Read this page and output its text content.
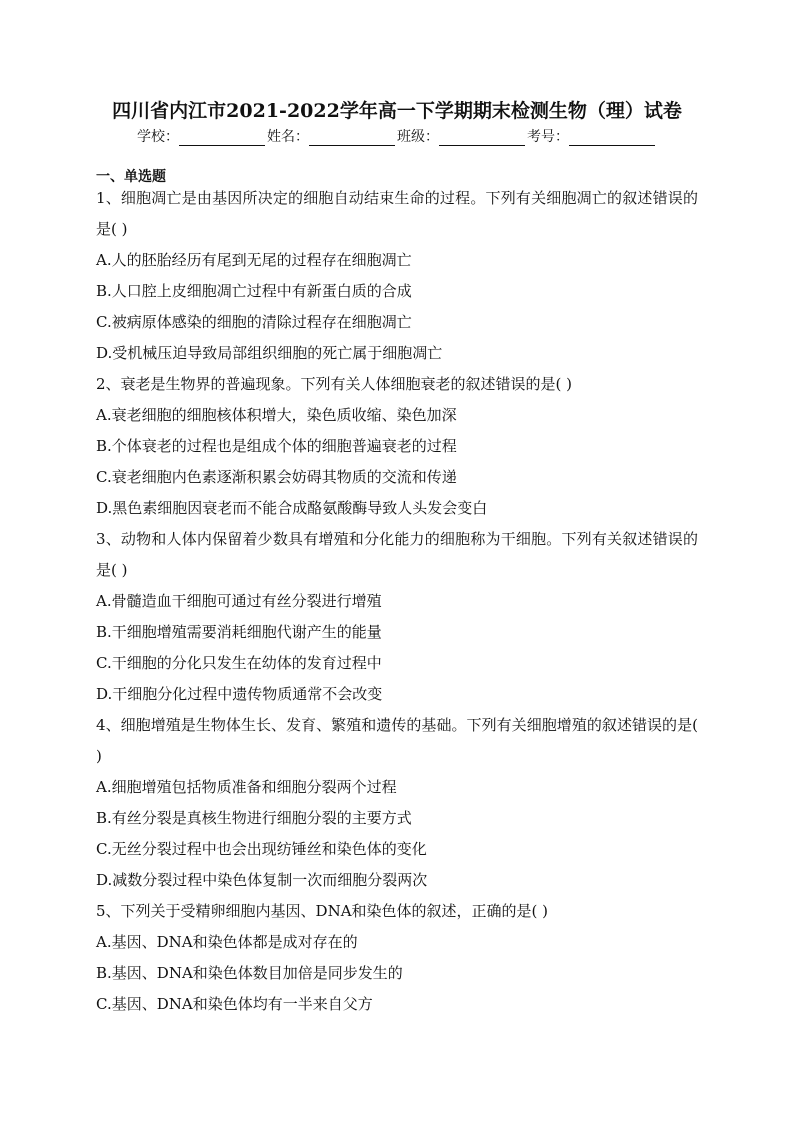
四川省内江市2021-2022学年高一下学期期末检测生物（理）试卷
学校：	姓名：	班级：	考号：
一、单选题
1、细胞凋亡是由基因所决定的细胞自动结束生命的过程。下列有关细胞凋亡的叙述错误的是( )
A.人的胚胎经历有尾到无尾的过程存在细胞凋亡
B.人口腔上皮细胞凋亡过程中有新蛋白质的合成
C.被病原体感染的细胞的清除过程存在细胞凋亡
D.受机械压迫导致局部组织细胞的死亡属于细胞凋亡
2、衰老是生物界的普遍现象。下列有关人体细胞衰老的叙述错误的是( )
A.衰老细胞的细胞核体积增大，染色质收缩、染色加深
B.个体衰老的过程也是组成个体的细胞普遍衰老的过程
C.衰老细胞内色素逐渐积累会妨碍其物质的交流和传递
D.黑色素细胞因衰老而不能合成酪氨酸酶导致人头发会变白
3、动物和人体内保留着少数具有增殖和分化能力的细胞称为干细胞。下列有关叙述错误的是( )
A.骨髓造血干细胞可通过有丝分裂进行增殖
B.干细胞增殖需要消耗细胞代谢产生的能量
C.干细胞的分化只发生在幼体的发育过程中
D.干细胞分化过程中遗传物质通常不会改变
4、细胞增殖是生物体生长、发育、繁殖和遗传的基础。下列有关细胞增殖的叙述错误的是( )
A.细胞增殖包括物质准备和细胞分裂两个过程
B.有丝分裂是真核生物进行细胞分裂的主要方式
C.无丝分裂过程中也会出现纺锤丝和染色体的变化
D.减数分裂过程中染色体复制一次而细胞分裂两次
5、下列关于受精卵细胞内基因、DNA和染色体的叙述，正确的是( )
A.基因、DNA和染色体都是成对存在的
B.基因、DNA和染色体数目加倍是同步发生的
C.基因、DNA和染色体均有一半来自父方
